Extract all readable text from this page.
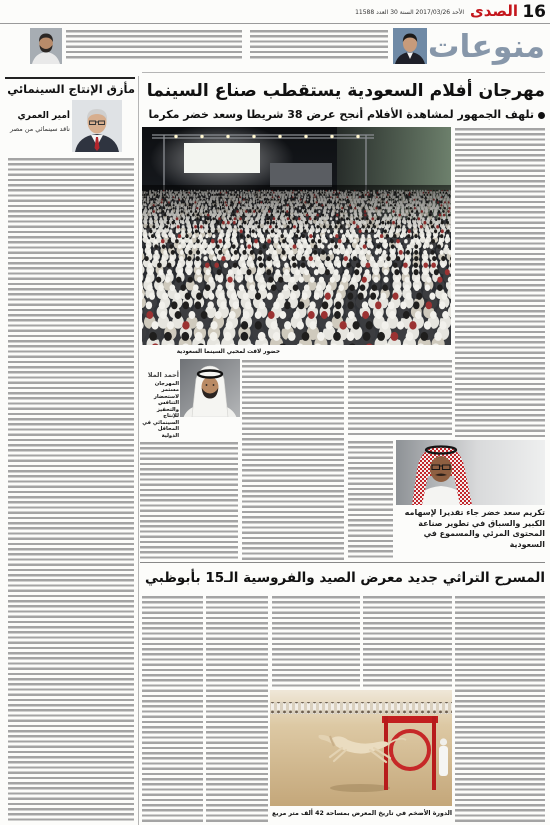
16
الصدى
الأحد 2017/03/26 السنة 30 العدد 11588
منوعات
مهرجان أفلام السعودية يستقطب صناع السينما
تلهف الجمهور لمشاهدة الأفلام أنجح عرض 38 شريطا وسعد خضر مكرما
مأزق الإنتاج السينمائي
أمير العمري
ناقد سينمائي من مصر
حضور لافت لمحبي السينما السعودية
أحمد الملا
المهرجان مستمر لاستحضار التنافس والتحفيز للإنتاج السينمائي في المحافل الدولية
تكريم سعد خضر جاء تقديرا لإسهامه الكبير والسباق في تطوير صناعة المحتوى المرئي والمسموع في السعودية
المسرح التراثي جديد معرض الصيد والفروسية الـ15 بأبوظبي
الدورة الأضخم في تاريخ المعرض بمساحة 42 ألف متر مربع
